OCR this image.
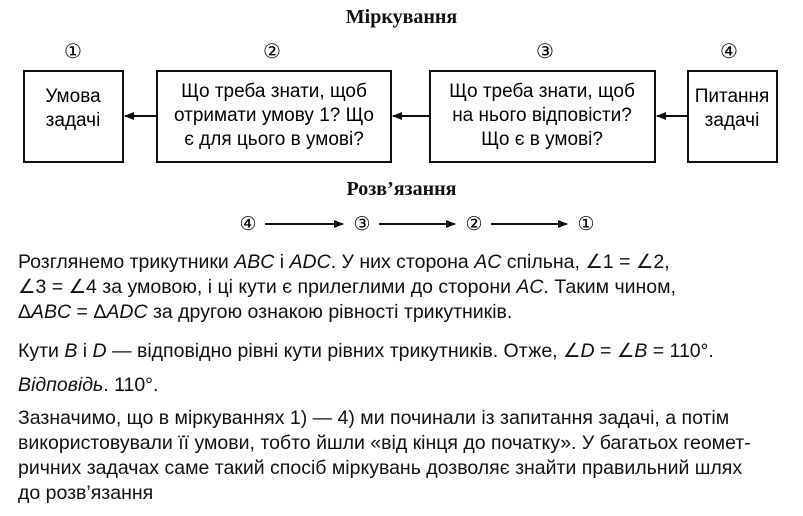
Міркування
①	②	③	④
Умова
задачі
Що треба знати, щоб
отримати умову 1? Що
є для цього в умові?
Що треба знати, щоб
на нього відповісти?
Що є в умові?
Питання
задачі
④	③	②	①
Розв’язання

Розглянемо трикутники ABC і ADC. У них сторона AC спільна, ∠1 = ∠2,
∠3 = ∠4 за умовою, і ці кути є прилеглими до сторони AC. Таким чином,
ΔABC = ΔADC за другою ознакою рівності трикутників.

Кути B і D — відповідно рівні кути рівних трикутників. Отже, ∠D = ∠B = 110°.

Відповідь. 110°.

Зазначимо, що в міркуваннях 1) — 4) ми починали із запитання задачі, а потім

використовували її умови, тобто йшли «від кінця до початку». У багатьох геомет-

ричних задачах саме такий спосіб міркувань дозволяє знайти правильний шлях

до розв’язання
